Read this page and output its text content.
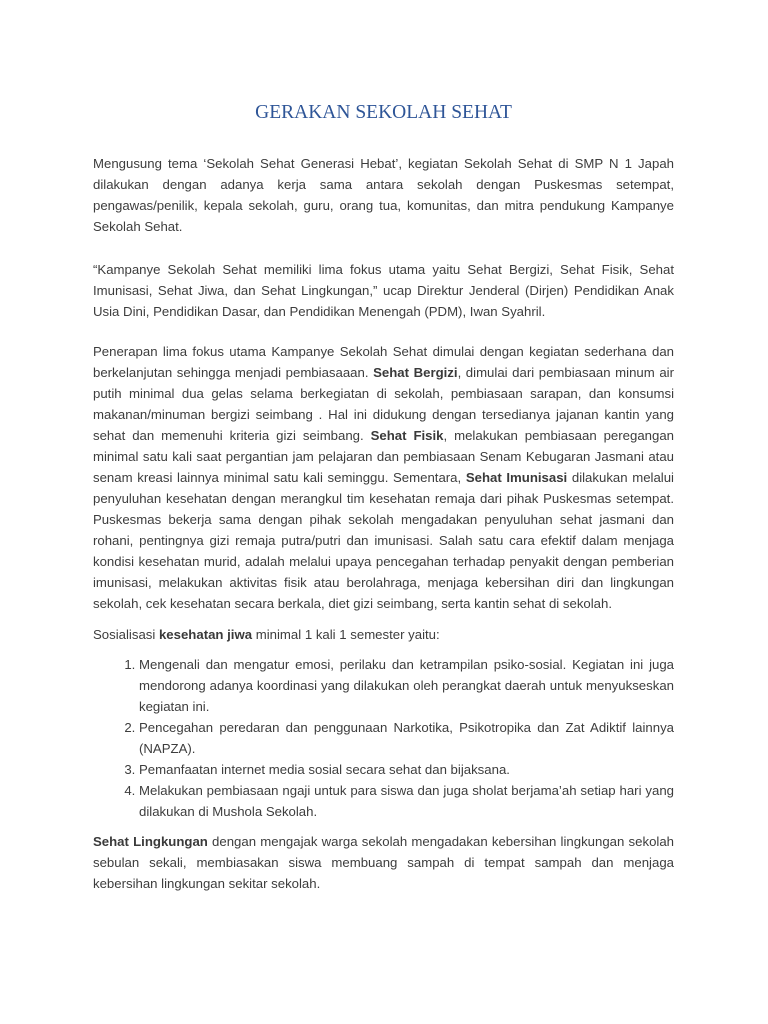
GERAKAN SEKOLAH SEHAT

Mengusung tema ‘Sekolah Sehat Generasi Hebat’, kegiatan Sekolah Sehat di SMP N 1 Japah dilakukan dengan adanya kerja sama antara sekolah dengan Puskesmas setempat, pengawas/penilik, kepala sekolah, guru, orang tua, komunitas, dan mitra pendukung Kampanye Sekolah Sehat.

“Kampanye Sekolah Sehat memiliki lima fokus utama yaitu Sehat Bergizi, Sehat Fisik, Sehat Imunisasi, Sehat Jiwa, dan Sehat Lingkungan,” ucap Direktur Jenderal (Dirjen) Pendidikan Anak Usia Dini, Pendidikan Dasar, dan Pendidikan Menengah (PDM), Iwan Syahril.

Penerapan lima fokus utama Kampanye Sekolah Sehat dimulai dengan kegiatan sederhana dan berkelanjutan sehingga menjadi pembiasaaan. Sehat Bergizi, dimulai dari pembiasaan minum air putih minimal dua gelas selama berkegiatan di sekolah, pembiasaan sarapan, dan konsumsi makanan/minuman bergizi seimbang . Hal ini didukung dengan tersedianya jajanan kantin yang sehat dan memenuhi kriteria gizi seimbang. Sehat Fisik, melakukan pembiasaan peregangan minimal satu kali saat pergantian jam pelajaran dan pembiasaan Senam Kebugaran Jasmani atau senam kreasi lainnya minimal satu kali seminggu. Sementara, Sehat Imunisasi dilakukan melalui penyuluhan kesehatan dengan merangkul tim kesehatan remaja dari pihak Puskesmas setempat. Puskesmas bekerja sama dengan pihak sekolah mengadakan penyuluhan sehat jasmani dan rohani, pentingnya gizi remaja putra/putri dan imunisasi. Salah satu cara efektif dalam menjaga kondisi kesehatan murid, adalah melalui upaya pencegahan terhadap penyakit dengan pemberian imunisasi, melakukan aktivitas fisik atau berolahraga, menjaga kebersihan diri dan lingkungan sekolah, cek kesehatan secara berkala, diet gizi seimbang, serta kantin sehat di sekolah.

Sosialisasi kesehatan jiwa minimal 1 kali 1 semester yaitu:

1. Mengenali dan mengatur emosi, perilaku dan ketrampilan psiko-sosial. Kegiatan ini juga mendorong adanya koordinasi yang dilakukan oleh perangkat daerah untuk menyukseskan kegiatan ini.
2. Pencegahan peredaran dan penggunaan Narkotika, Psikotropika dan Zat Adiktif lainnya (NAPZA).
3. Pemanfaatan internet media sosial secara sehat dan bijaksana.
4. Melakukan pembiasaan ngaji untuk para siswa dan juga sholat berjama’ah setiap hari yang dilakukan di Mushola Sekolah.

Sehat Lingkungan dengan mengajak warga sekolah mengadakan kebersihan lingkungan sekolah sebulan sekali, membiasakan siswa membuang sampah di tempat sampah dan menjaga kebersihan lingkungan sekitar sekolah.
